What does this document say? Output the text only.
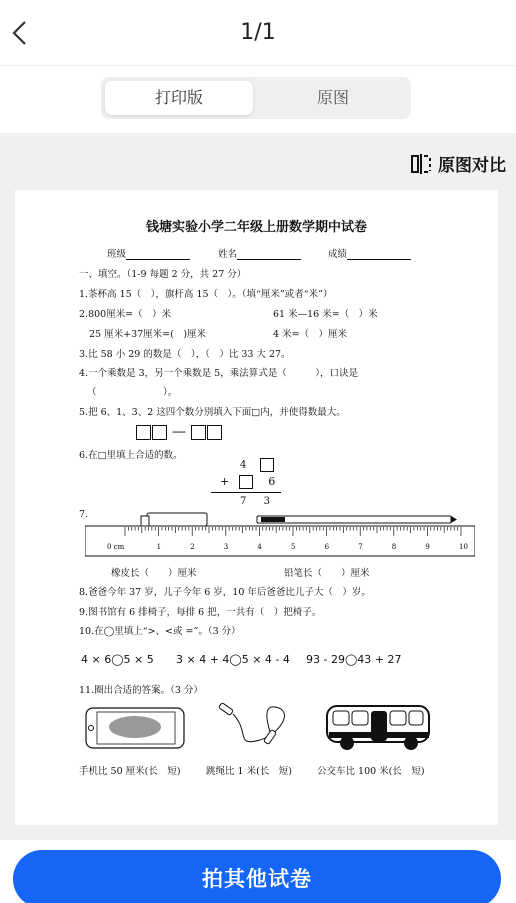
1/1
打印版	原图
原图对比
钱塘实验小学二年级上册数学期中试卷
班级	姓名	成绩
一、填空。（1-9 每题 2 分，共 27 分）
1.茶杯高 15（　），旗杆高 15（　）。（填“厘米”或者“米”）
2.800厘米=（　）米	61 米—16 米=（　）米
25 厘米+37厘米=(　)厘米	4 米=（　）厘米
3.比 58 小 29 的数是（　），（　）比 33 大 27。
4.一个乘数是 3，另一个乘数是 5，乘法算式是（　　　），口诀是
（　　　　　　　）。
5.把 6、1、3、2 这四个数分别填入下面□内，并使得数最大。
—
6.在□里填上合适的数。
4
+	6
7 3
7.
0 cm	1	2	3	4	5	6	7	8	9	10
橡皮长（　　）厘米	铅笔长（　　）厘米
8.爸爸今年 37 岁，儿子今年 6 岁，10 年后爸爸比儿子大（　）岁。
9.图书馆有 6 排椅子，每排 6 把，一共有（　）把椅子。
10.在◯里填上“>、<或 =”。（3 分）
4 × 6◯5 × 5 3 × 4 + 4◯5 × 4 - 4 93 - 29◯43 + 27
11.圈出合适的答案。（3 分）
手机比 50 厘米(长　短)	跳绳比 1 米(长　短)	公交车比 100 米(长　短)
拍其他试卷
